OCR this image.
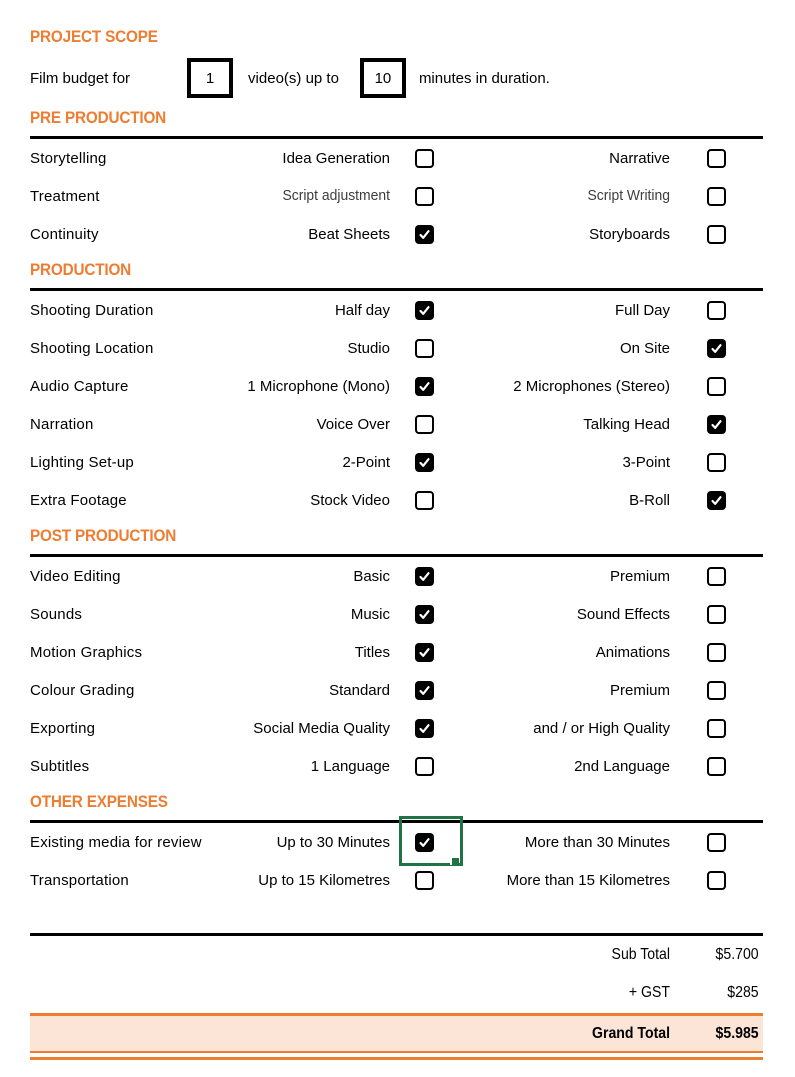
PROJECT SCOPE
Film budget for	1	video(s) up to	10	minutes in duration.
PRE PRODUCTION
Storytelling	Idea Generation	Narrative
Treatment	Script adjustment	Script Writing
Continuity	Beat Sheets	Storyboards
PRODUCTION
Shooting Duration	Half day	Full Day
Shooting Location	Studio	On Site
Audio Capture	1 Microphone (Mono)	2 Microphones (Stereo)
Narration	Voice Over	Talking Head
Lighting Set-up	2-Point	3-Point
Extra Footage	Stock Video	B-Roll
POST PRODUCTION
Video Editing	Basic	Premium
Sounds	Music	Sound Effects
Motion Graphics	Titles	Animations
Colour Grading	Standard	Premium
Exporting	Social Media Quality	and / or High Quality
Subtitles	1 Language	2nd Language
OTHER EXPENSES
Existing media for review	Up to 30 Minutes	More than 30 Minutes
Transportation	Up to 15 Kilometres	More than 15 Kilometres
Sub Total	$5.700
+ GST	$285
Grand Total	$5.985
